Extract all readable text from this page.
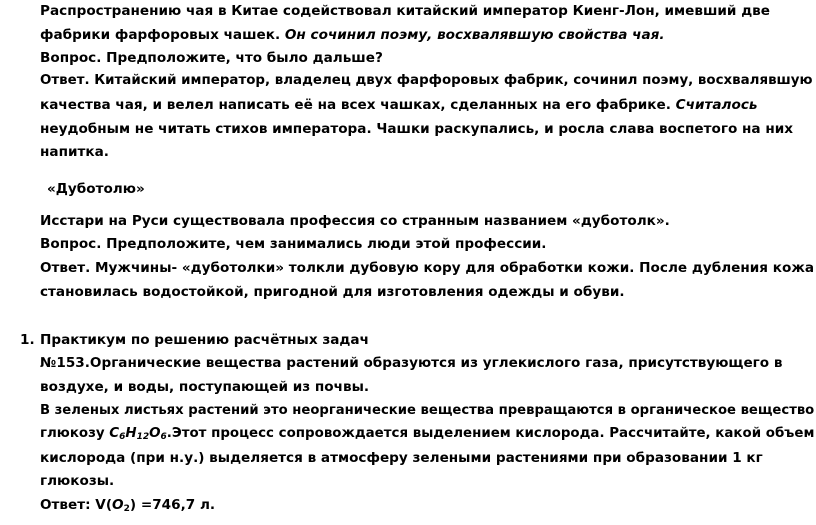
Распространению чая в Китае содействовал китайский император Киенг-Лон, имевший две
фабрики фарфоровых чашек. Он сочинил поэму, восхвалявшую свойства чая.
Вопрос. Предположите, что было дальше?
Ответ. Китайский император, владелец двух фарфоровых фабрик, сочинил поэму, восхвалявшую
качества чая, и велел написать её на всех чашках, сделанных на его фабрике. Считалось
неудобным не читать стихов императора. Чашки раскупались, и росла слава воспетого на них
напитка.
«Дуботолю»
Исстари на Руси существовала профессия со странным названием «дуботолк».
Вопрос. Предположите, чем занимались люди этой профессии.
Ответ. Мужчины- «дуботолки» толкли дубовую кору для обработки кожи. После дубления кожа
становилась водостойкой, пригодной для изготовления одежды и обуви.
1. Практикум по решению расчётных задач
№153.Органические вещества растений образуются из углекислого газа, присутствующего в
воздухе, и воды, поступающей из почвы.
В зеленых листьях растений это неорганические вещества превращаются в органическое вещество
глюкозу $C_6H_{12}O_6.Этот$ процесс сопровождается выделением кислорода. Рассчитайте, какой объем
кислорода (при н.у.) выделяется в атмосферу зелеными растениями при образовании 1 кг
глюкозы.
Ответ: $V(O_2) =746,7$ л.
